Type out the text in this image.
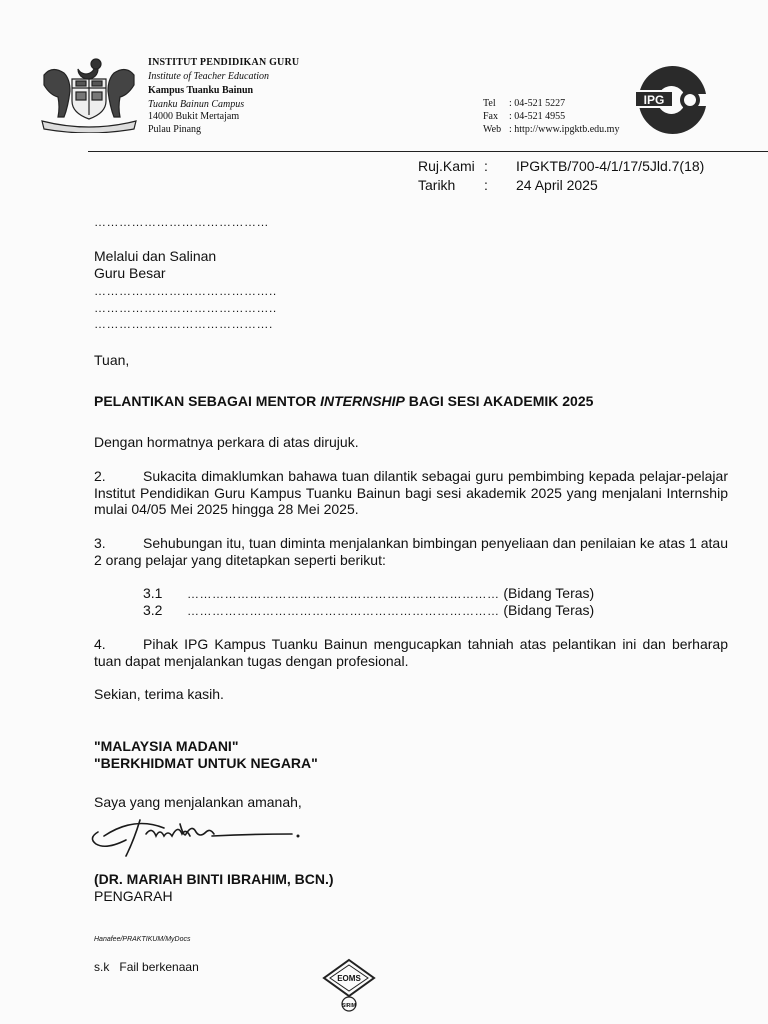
INSTITUT PENDIDIKAN GURU
Institute of Teacher Education
Kampus Tuanku Bainun
Tuanku Bainun Campus
14000 Bukit Mertajam
Pulau Pinang
Tel : 04-521 5227
Fax : 04-521 4955
Web : http://www.ipgktb.edu.my
IPG
Ruj.Kami : IPGKTB/700-4/1/17/5Jld.7(18)
Tarikh : 24 April 2025
……………………………………
Melalui dan Salinan
Guru Besar
……………………………………..
……………………………………..
…………………………………….
Tuan,
PELANTIKAN SEBAGAI MENTOR INTERNSHIP BAGI SESI AKADEMIK 2025
Dengan hormatnya perkara di atas dirujuk.
2.	Sukacita dimaklumkan bahawa tuan dilantik sebagai guru pembimbing kepada pelajar-pelajar Institut Pendidikan Guru Kampus Tuanku Bainun bagi sesi akademik 2025 yang menjalani Internship mulai 04/05 Mei 2025 hingga 28 Mei 2025.
3.	Sehubungan itu, tuan diminta menjalankan bimbingan penyeliaan dan penilaian ke atas 1 atau 2 orang pelajar yang ditetapkan seperti berikut:
3.1 ………………………………………………………………… (Bidang Teras)
3.2 ………………………………………………………………… (Bidang Teras)
4.	Pihak IPG Kampus Tuanku Bainun mengucapkan tahniah atas pelantikan ini dan berharap tuan dapat menjalankan tugas dengan profesional.
Sekian, terima kasih.
"MALAYSIA MADANI"
"BERKHIDMAT UNTUK NEGARA"
Saya yang menjalankan amanah,
(DR. MARIAH BINTI IBRAHIM, BCN.)
PENGARAH
Hanafee/PRAKTIKUM/MyDocs
s.k Fail berkenaan
EOMS
SIRIM
